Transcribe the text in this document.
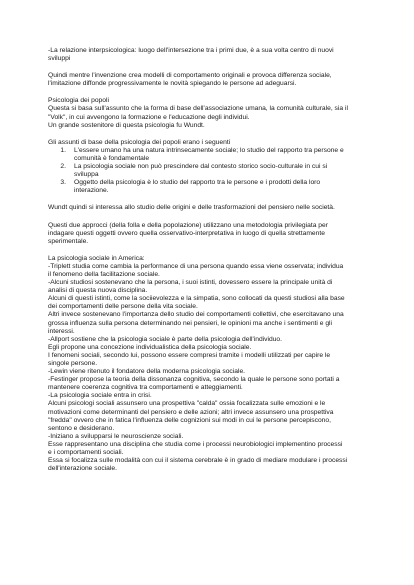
-La relazione interpsicologica: luogo dell'intersezione tra i primi due, è a sua volta centro di nuovi
sviluppi
Quindi mentre l'invenzione crea modelli di comportamento originali e provoca differenza sociale,
l'imitazione diffonde progressivamente le novità spiegando le persone ad adeguarsi.
Psicologia dei popoli
Questa si basa sull'assunto che la forma di base dell'associazione umana, la comunità culturale, sia il
"Volk", in cui avvengono la formazione e l'educazione degli individui.
Un grande sostenitore di questa psicologia fu Wundt.
Gli assunti di base della psicologia dei popoli erano i seguenti
1.	L'essere umano ha una natura intrinsecamente sociale; lo studio del rapporto tra persone e
comunità è fondamentale
2.	La psicologia sociale non può prescindere dal contesto storico socio-culturale in cui si
sviluppa
3.	Oggetto della psicologia è lo studio del rapporto tra le persone e i prodotti della loro
interazione.
Wundt quindi si interessa allo studio delle origini e delle trasformazioni del pensiero nelle società.
Questi due approcci (della folla e della popolazione) utilizzano una metodologia privilegiata per
indagare questi oggetti ovvero quella osservativo-interpretativa in luogo di quella strettamente
sperimentale.
La psicologia sociale in America:
-Triplett studia come cambia la performance di una persona quando essa viene osservata; individua
il fenomeno della facilitazione sociale.
-Alcuni studiosi sostenevano che la persona, i suoi istinti, dovessero essere la principale unità di
analisi di questa nuova disciplina.
Alcuni di questi istinti, come la sociievolezza e la simpatia, sono collocati da questi studiosi alla base
dei comportamenti delle persone della vita sociale.
Altri invece sostenevano l'importanza dello studio dei comportamenti collettivi, che esercitavano una
grossa influenza sulla persona determinando nei pensieri, le opinioni ma anche i sentimenti e gli
interessi.
-Allport sostiene che la psicologia sociale è parte della psicologia dell'individuo.
Egli propone una concezione individualistica della psicologia sociale.
I fenomeni sociali, secondo lui, possono essere compresi tramite i modelli utilizzati per capire le
singole persone.
-Lewin viene ritenuto il fondatore della moderna psicologia sociale.
-Festinger propose la teoria della dissonanza cognitiva, secondo la quale le persone sono portati a
mantenere coerenza cognitiva tra comportamenti e atteggiamenti.
-La psicologia sociale entra in crisi.
Alcuni psicologi sociali assunsero una prospettiva "calda" ossia focalizzata sulle emozioni e le
motivazioni come determinanti del pensiero e delle azioni; altri invece assunsero una prospettiva
"fredda" ovvero che in fatica l'influenza delle cognizioni sui modi in cui le persone percepiscono,
sentono e desiderano.
-Iniziano a svilupparsi le neuroscienze sociali.
Esse rappresentano una disciplina che studia come i processi neurobiologici implementino processi
e i comportamenti sociali.
Essa si focalizza sulle modalità con cui il sistema cerebrale è in grado di mediare modulare i processi
dell'interazione sociale.
